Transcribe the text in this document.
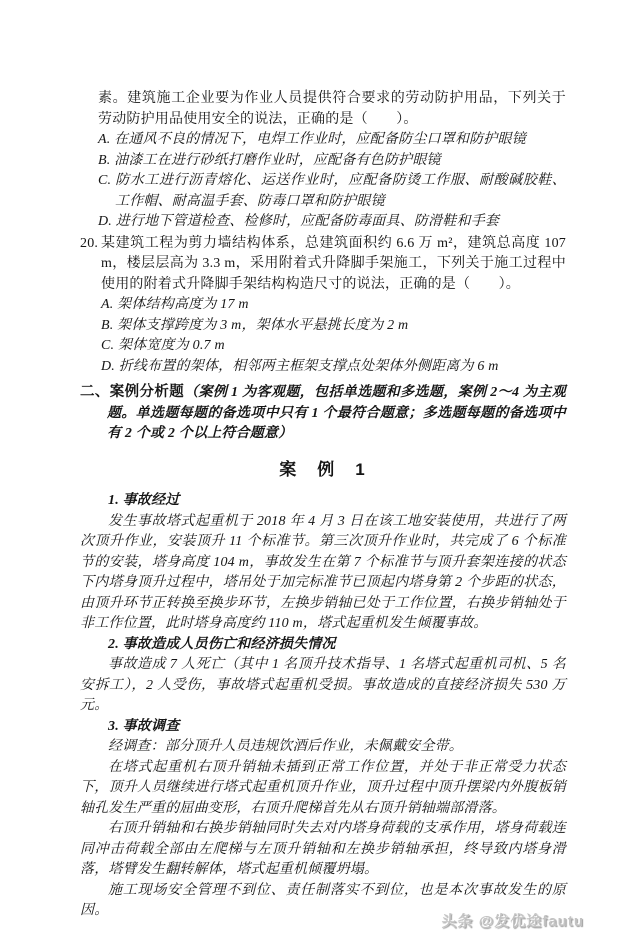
素。建筑施工企业要为作业人员提供符合要求的劳动防护用品，下列关于劳动防护用品使用安全的说法，正确的是（　　）。
A. 在通风不良的情况下，电焊工作业时，应配备防尘口罩和防护眼镜
B. 油漆工在进行砂纸打磨作业时，应配备有色防护眼镜
C. 防水工进行沥青熔化、运送作业时，应配备防烫工作服、耐酸碱胶鞋、工作帽、耐高温手套、防毒口罩和防护眼镜
D. 进行地下管道检查、检修时，应配备防毒面具、防滑鞋和手套
20. 某建筑工程为剪力墙结构体系，总建筑面积约 6.6 万 m²，建筑总高度 107 m，楼层层高为 3.3 m，采用附着式升降脚手架施工，下列关于施工过程中使用的附着式升降脚手架结构构造尺寸的说法，正确的是（　　）。
A. 架体结构高度为 17 m
B. 架体支撑跨度为 3 m，架体水平悬挑长度为 2 m
C. 架体宽度为 0.7 m
D. 折线布置的架体，相邻两主框架支撑点处架体外侧距离为 6 m
二、案例分析题（案例 1 为客观题，包括单选题和多选题，案例 2～4 为主观题。单选题每题的备选项中只有 1 个最符合题意；多选题每题的备选项中有 2 个或 2 个以上符合题意）
案　例　1
1. 事故经过

发生事故塔式起重机于 2018 年 4 月 3 日在该工地安装使用，共进行了两次顶升作业，安装顶升 11 个标准节。第三次顶升作业时，共完成了 6 个标准节的安装，塔身高度 104 m，事故发生在第 7 个标准节与顶升套架连接的状态下内塔身顶升过程中，塔吊处于加完标准节已顶起内塔身第 2 个步距的状态，由顶升环节正转换至换步环节，左换步销轴已处于工作位置，右换步销轴处于非工作位置，此时塔身高度约 110 m，塔式起重机发生倾覆事故。

2. 事故造成人员伤亡和经济损失情况

事故造成 7 人死亡（其中 1 名顶升技术指导、1 名塔式起重机司机、5 名安拆工），2 人受伤，事故塔式起重机受损。事故造成的直接经济损失 530 万元。

3. 事故调查

经调查：部分顶升人员违规饮酒后作业，未佩戴安全带。

在塔式起重机右顶升销轴未插到正常工作位置，并处于非正常受力状态下，顶升人员继续进行塔式起重机顶升作业，顶升过程中顶升摆梁内外腹板销轴孔发生严重的屈曲变形，右顶升爬梯首先从右顶升销轴端部滑落。

右顶升销轴和右换步销轴同时失去对内塔身荷载的支承作用，塔身荷载连同冲击荷载全部由左爬梯与左顶升销轴和左换步销轴承担，终导致内塔身滑落，塔臂发生翻转解体，塔式起重机倾覆坍塌。

施工现场安全管理不到位、责任制落实不到位，也是本次事故发生的原因。

头条 @发优途fautu
